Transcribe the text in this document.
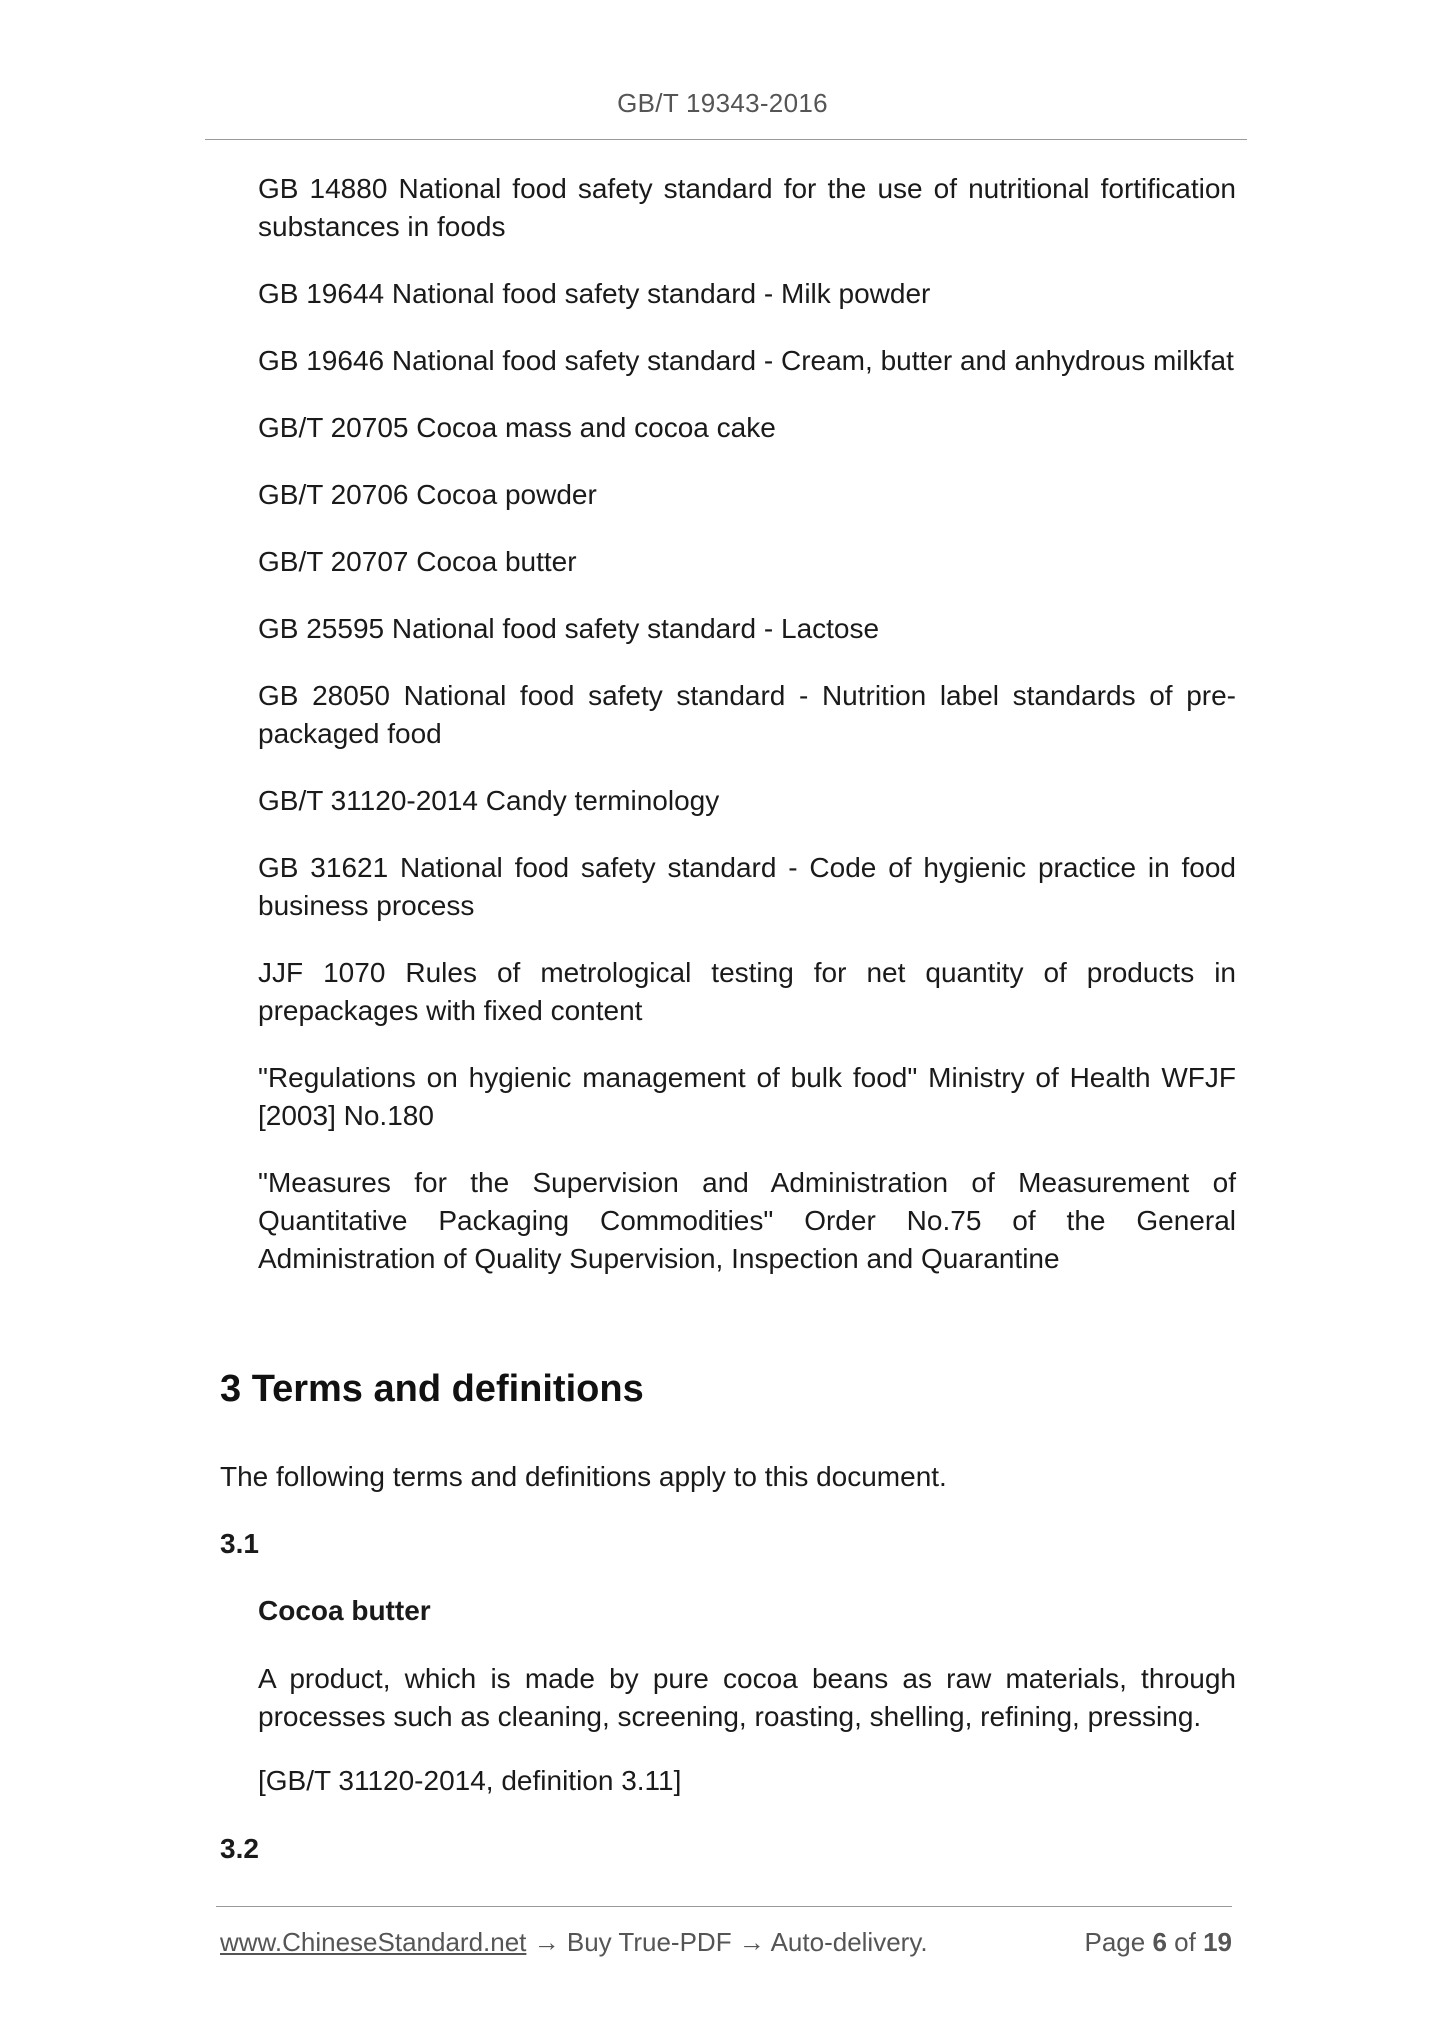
GB/T 19343-2016

GB 14880 National food safety standard for the use of nutritional fortification substances in foods

GB 19644 National food safety standard - Milk powder

GB 19646 National food safety standard - Cream, butter and anhydrous milkfat

GB/T 20705 Cocoa mass and cocoa cake

GB/T 20706 Cocoa powder

GB/T 20707 Cocoa butter

GB 25595 National food safety standard - Lactose

GB 28050 National food safety standard - Nutrition label standards of pre-packaged food

GB/T 31120-2014 Candy terminology

GB 31621 National food safety standard - Code of hygienic practice in food business process

JJF 1070 Rules of metrological testing for net quantity of products in prepackages with fixed content

"Regulations on hygienic management of bulk food" Ministry of Health WFJF [2003] No.180

"Measures for the Supervision and Administration of Measurement of Quantitative Packaging Commodities" Order No.75 of the General Administration of Quality Supervision, Inspection and Quarantine

3 Terms and definitions
The following terms and definitions apply to this document.
3.1
Cocoa butter
A product, which is made by pure cocoa beans as raw materials, through processes such as cleaning, screening, roasting, shelling, refining, pressing.
[GB/T 31120-2014, definition 3.11]
3.2
www.ChineseStandard.net → Buy True-PDF → Auto-delivery.	Page 6 of 19
